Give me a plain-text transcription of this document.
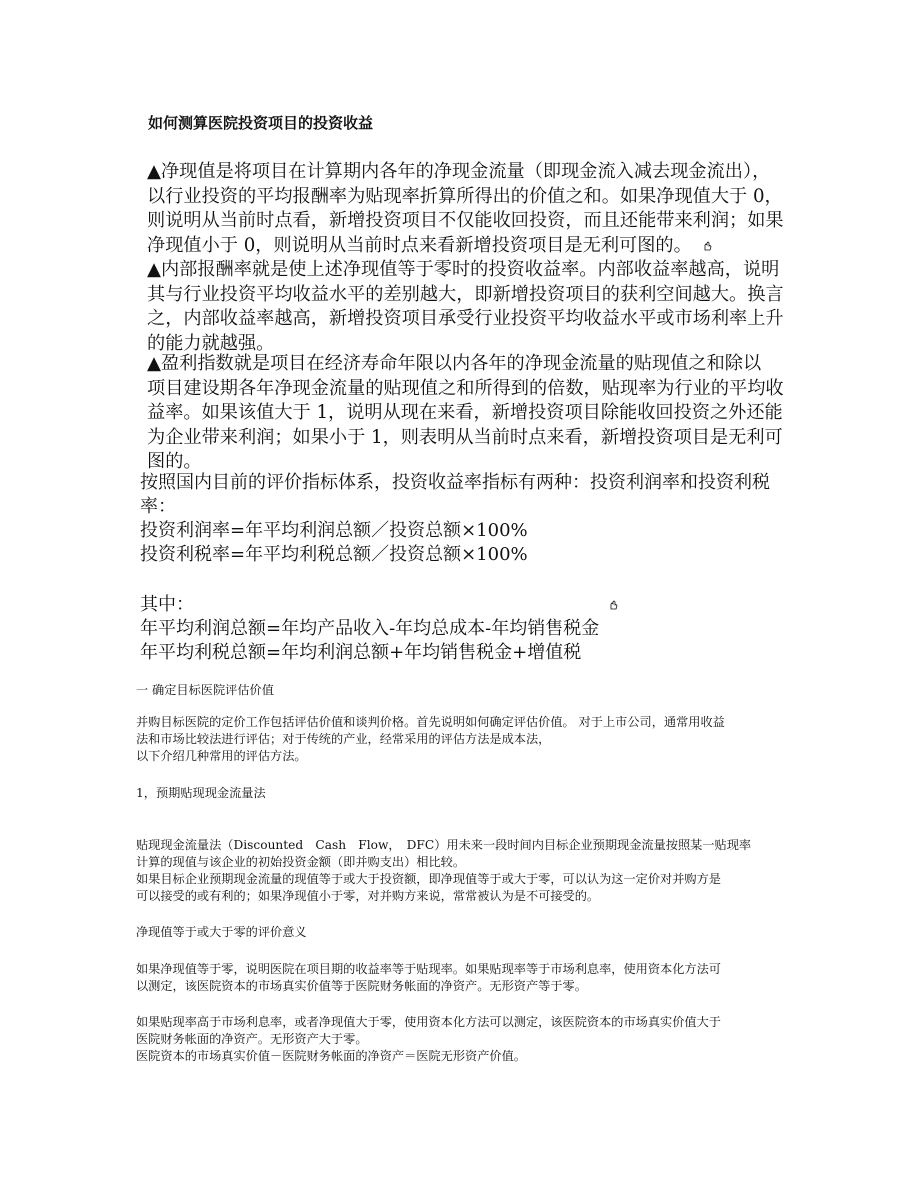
如何测算医院投资项目的投资收益
▲净现值是将项目在计算期内各年的净现金流量（即现金流入减去现金流出），
以行业投资的平均报酬率为贴现率折算所得出的价值之和。如果净现值大于 0，
则说明从当前时点看，新增投资项目不仅能收回投资，而且还能带来利润；如果
净现值小于 0，则说明从当前时点来看新增投资项目是无利可图的。
▲内部报酬率就是使上述净现值等于零时的投资收益率。内部收益率越高，说明
其与行业投资平均收益水平的差别越大，即新增投资项目的获利空间越大。换言
之，内部收益率越高，新增投资项目承受行业投资平均收益水平或市场利率上升
的能力就越强。
▲盈利指数就是项目在经济寿命年限以内各年的净现金流量的贴现值之和除以
项目建设期各年净现金流量的贴现值之和所得到的倍数，贴现率为行业的平均收
益率。如果该值大于 1，说明从现在来看，新增投资项目除能收回投资之外还能
为企业带来利润；如果小于 1，则表明从当前时点来看，新增投资项目是无利可
图的。
按照国内目前的评价指标体系，投资收益率指标有两种：投资利润率和投资利税
率：
投资利润率=年平均利润总额／投资总额×100%
投资利税率=年平均利税总额／投资总额×100%
其中：
年平均利润总额=年均产品收入-年均总成本-年均销售税金
年平均利税总额=年均利润总额+年均销售税金+增值税
一 确定目标医院评估价值
并购目标医院的定价工作包括评估价值和谈判价格。首先说明如何确定评估价值。 对于上市公司，通常用收益
法和市场比较法进行评估；对于传统的产业，经常采用的评估方法是成本法，
以下介绍几种常用的评估方法。
1，预期贴现现金流量法
贴现现金流量法（Discounted　Cash　Flow，　DFC）用未来一段时间内目标企业预期现金流量按照某一贴现率
计算的现值与该企业的初始投资金额（即并购支出）相比较。
如果目标企业预期现金流量的现值等于或大于投资额，即净现值等于或大于零，可以认为这一定价对并购方是
可以接受的或有利的；如果净现值小于零，对并购方来说，常常被认为是不可接受的。
净现值等于或大于零的评价意义
如果净现值等于零，说明医院在项目期的收益率等于贴现率。如果贴现率等于市场利息率，使用资本化方法可
以测定，该医院资本的市场真实价值等于医院财务帐面的净资产。无形资产等于零。
如果贴现率高于市场利息率，或者净现值大于零，使用资本化方法可以测定，该医院资本的市场真实价值大于
医院财务帐面的净资产。无形资产大于零。
医院资本的市场真实价值－医院财务帐面的净资产＝医院无形资产价值。
